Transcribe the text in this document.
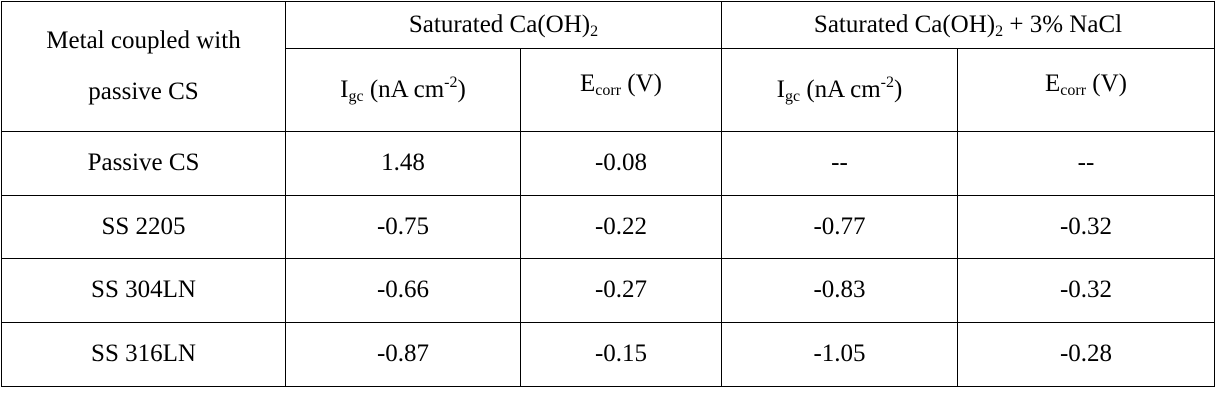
Metal coupled with
passive CS	Saturated $Ca(OH)_2$		Saturated $Ca(OH)_2 + 3\%$ NaCl	
	$I_{gc}$ (nA $cm^{-2}$)	Ecorr (V)	$I_{gc}$ (nA $cm^{-2}$)	Ecorr (V)
Passive CS	1.48	-0.08	--	--
SS 2205	-0.75	-0.22	-0.77	-0.32
SS 304LN	-0.66	-0.27	-0.83	-0.32
SS 316LN	-0.87	-0.15	-1.05	-0.28
